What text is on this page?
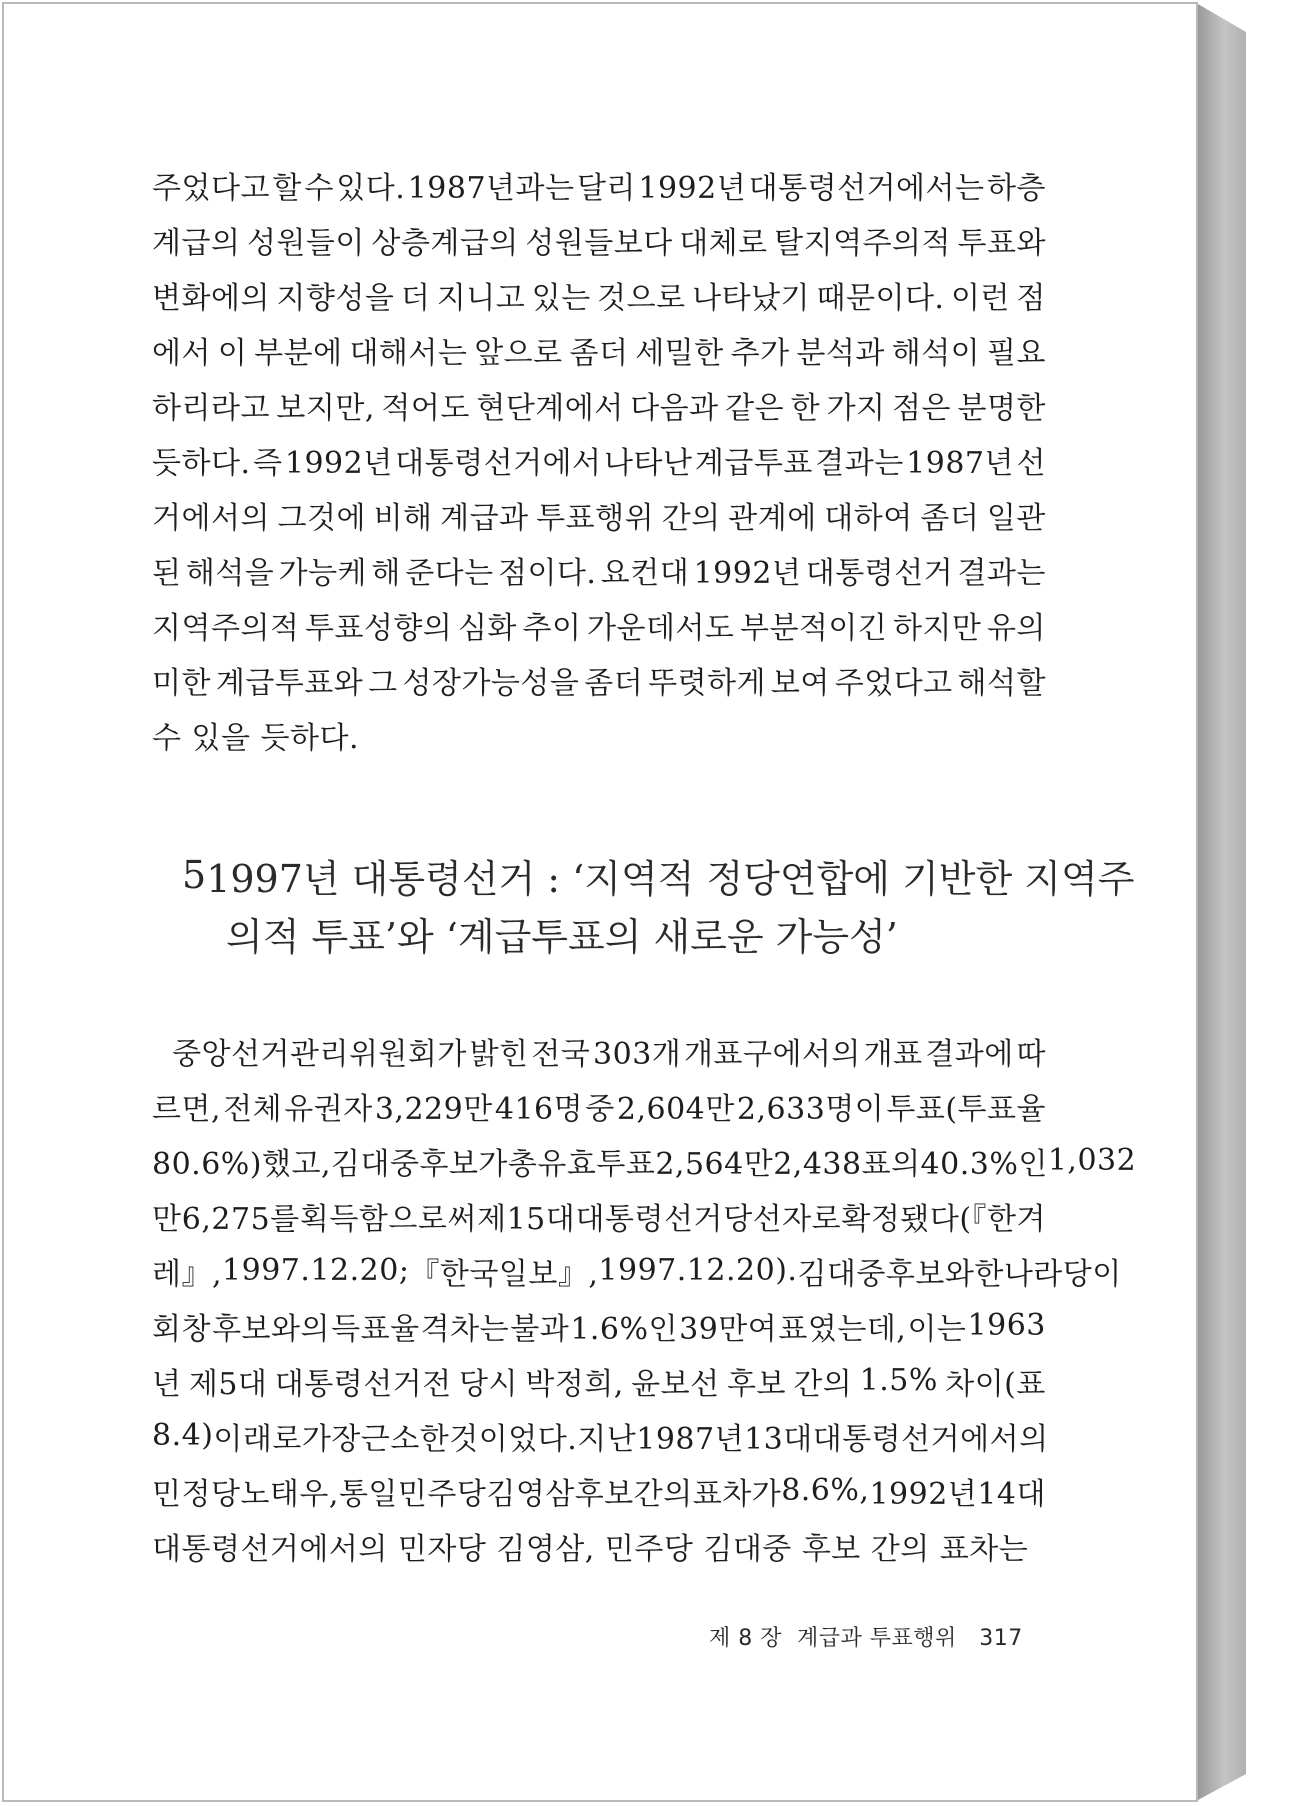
주었다고 할 수 있다. 1987년과는 달리 1992년 대통령선거에서는 하층
계급의 성원들이 상층계급의 성원들보다 대체로 탈지역주의적 투표와
변화에의 지향성을 더 지니고 있는 것으로 나타났기 때문이다. 이런 점
에서 이 부분에 대해서는 앞으로 좀더 세밀한 추가 분석과 해석이 필요
하리라고 보지만, 적어도 현단계에서 다음과 같은 한 가지 점은 분명한
듯하다. 즉 1992년 대통령선거에서 나타난 계급투표 결과는 1987년 선
거에서의 그것에 비해 계급과 투표행위 간의 관계에 대하여 좀더 일관
된 해석을 가능케 해 준다는 점이다. 요컨대 1992년 대통령선거 결과는
지역주의적 투표성향의 심화 추이 가운데서도 부분적이긴 하지만 유의
미한 계급투표와 그 성장가능성을 좀더 뚜렷하게 보여 주었다고 해석할
수 있을 듯하다.
5 1997년 대통령선거 : ‘지역적 정당연합에 기반한 지역주
의적 투표’와 ‘계급투표의 새로운 가능성’
중앙선거관리위원회가 밝힌 전국 303개 개표구에서의 개표 결과에 따
르면, 전체 유권자 3,229만 416명 중 2,604만 2,633명이 투표(투표율
80.6%)했고, 김대중 후보가 총유효투표 2,564만 2,438표의 40.3%인 1,032
만 6,275를 획득함으로써 제15대 대통령선거 당선자로 확정됐다(『한겨
레』, 1997. 12. 20 ; 『한국일보』, 1997. 12. 20). 김대중 후보와 한나라당 이
회창 후보와의 득표율 격차는 불과 1.6%인 39만여 표였는데, 이는 1963
년 제5대 대통령선거전 당시 박정희, 윤보선 후보 간의 1.5% 차이(표
8.4) 이래로 가장 근소한 것이었다. 지난 1987년 13대 대통령선거에서의
민정당 노태우, 통일민주당 김영삼 후보 간의 표차가 8.6%, 1992년 14대
대통령선거에서의 민자당 김영삼, 민주당 김대중 후보 간의 표차는
제 8 장 계급과 투표행위 317
